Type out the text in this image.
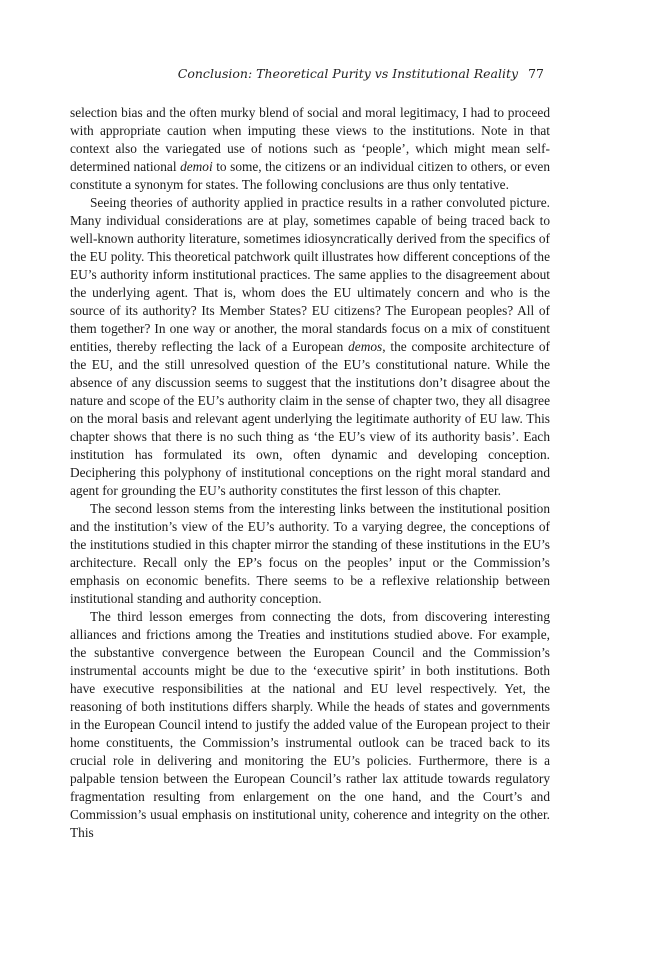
Conclusion: Theoretical Purity vs Institutional Reality 77

selection bias and the often murky blend of social and moral legitimacy, I had to proceed with appropriate caution when imputing these views to the institutions. Note in that context also the variegated use of notions such as ‘people’, which might mean self-determined national demoi to some, the citizens or an individual citizen to others, or even constitute a synonym for states. The following conclusions are thus only tentative.

Seeing theories of authority applied in practice results in a rather convoluted picture. Many individual considerations are at play, sometimes capable of being traced back to well-known authority literature, sometimes idiosyncratically derived from the specifics of the EU polity. This theoretical patchwork quilt illustrates how different conceptions of the EU’s authority inform institutional practices. The same applies to the disagreement about the underlying agent. That is, whom does the EU ultimately concern and who is the source of its authority? Its Member States? EU citizens? The European peoples? All of them together? In one way or another, the moral standards focus on a mix of constituent entities, thereby reflecting the lack of a European demos, the composite architecture of the EU, and the still unresolved question of the EU’s constitutional nature. While the absence of any discussion seems to suggest that the institutions don’t disagree about the nature and scope of the EU’s authority claim in the sense of chapter two, they all disagree on the moral basis and relevant agent underlying the legitimate authority of EU law. This chapter shows that there is no such thing as ‘the EU’s view of its authority basis’. Each institution has formulated its own, often dynamic and developing conception. Deciphering this polyphony of institutional conceptions on the right moral standard and agent for grounding the EU’s authority constitutes the first lesson of this chapter.

The second lesson stems from the interesting links between the institutional position and the institution’s view of the EU’s authority. To a varying degree, the conceptions of the institutions studied in this chapter mirror the standing of these institutions in the EU’s architecture. Recall only the EP’s focus on the peoples’ input or the Commission’s emphasis on economic benefits. There seems to be a reflexive relationship between institutional standing and authority conception.

The third lesson emerges from connecting the dots, from discovering interesting alliances and frictions among the Treaties and institutions studied above. For example, the substantive convergence between the European Council and the Commission’s instrumental accounts might be due to the ‘executive spirit’ in both institutions. Both have executive responsibilities at the national and EU level respectively. Yet, the reasoning of both institutions differs sharply. While the heads of states and governments in the European Council intend to justify the added value of the European project to their home constituents, the Commission’s instrumental outlook can be traced back to its crucial role in delivering and monitoring the EU’s policies. Furthermore, there is a palpable tension between the European Council’s rather lax attitude towards regulatory fragmentation resulting from enlargement on the one hand, and the Court’s and Commission’s usual emphasis on institutional unity, coherence and integrity on the other. This
